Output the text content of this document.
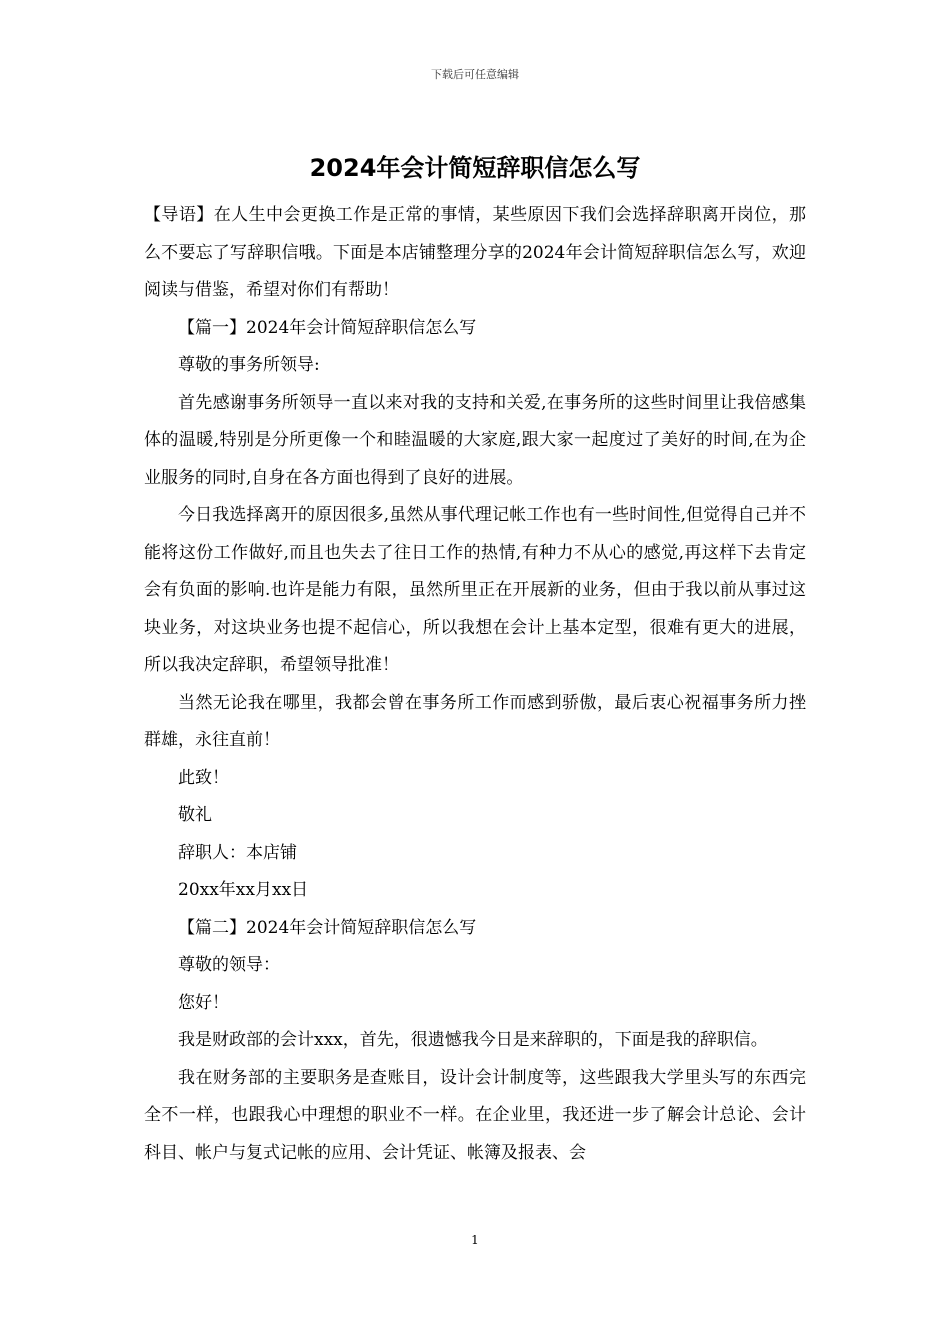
下载后可任意编辑
2024年会计简短辞职信怎么写

【导语】在人生中会更换工作是正常的事情，某些原因下我们会选择辞职离开岗位，那么不要忘了写辞职信哦。下面是本店铺整理分享的2024年会计简短辞职信怎么写，欢迎阅读与借鉴，希望对你们有帮助！

【篇一】2024年会计简短辞职信怎么写

尊敬的事务所领导:

首先感谢事务所领导一直以来对我的支持和关爱,在事务所的这些时间里让我倍感集体的温暖,特别是分所更像一个和睦温暖的大家庭,跟大家一起度过了美好的时间,在为企业服务的同时,自身在各方面也得到了良好的进展。

今日我选择离开的原因很多,虽然从事代理记帐工作也有一些时间性,但觉得自己并不能将这份工作做好,而且也失去了往日工作的热情,有种力不从心的感觉,再这样下去肯定会有负面的影响.也许是能力有限，虽然所里正在开展新的业务，但由于我以前从事过这块业务，对这块业务也提不起信心，所以我想在会计上基本定型，很难有更大的进展，所以我决定辞职，希望领导批准！

当然无论我在哪里，我都会曾在事务所工作而感到骄傲，最后衷心祝福事务所力挫群雄，永往直前！

此致！

敬礼

辞职人：本店铺

20xx年xx月xx日

【篇二】2024年会计简短辞职信怎么写

尊敬的领导：

您好！

我是财政部的会计xxx，首先，很遗憾我今日是来辞职的，下面是我的辞职信。

我在财务部的主要职务是查账目，设计会计制度等，这些跟我大学里头写的东西完全不一样，也跟我心中理想的职业不一样。在企业里，我还进一步了解会计总论、会计科目、帐户与复式记帐的应用、会计凭证、帐簿及报表、会

1
